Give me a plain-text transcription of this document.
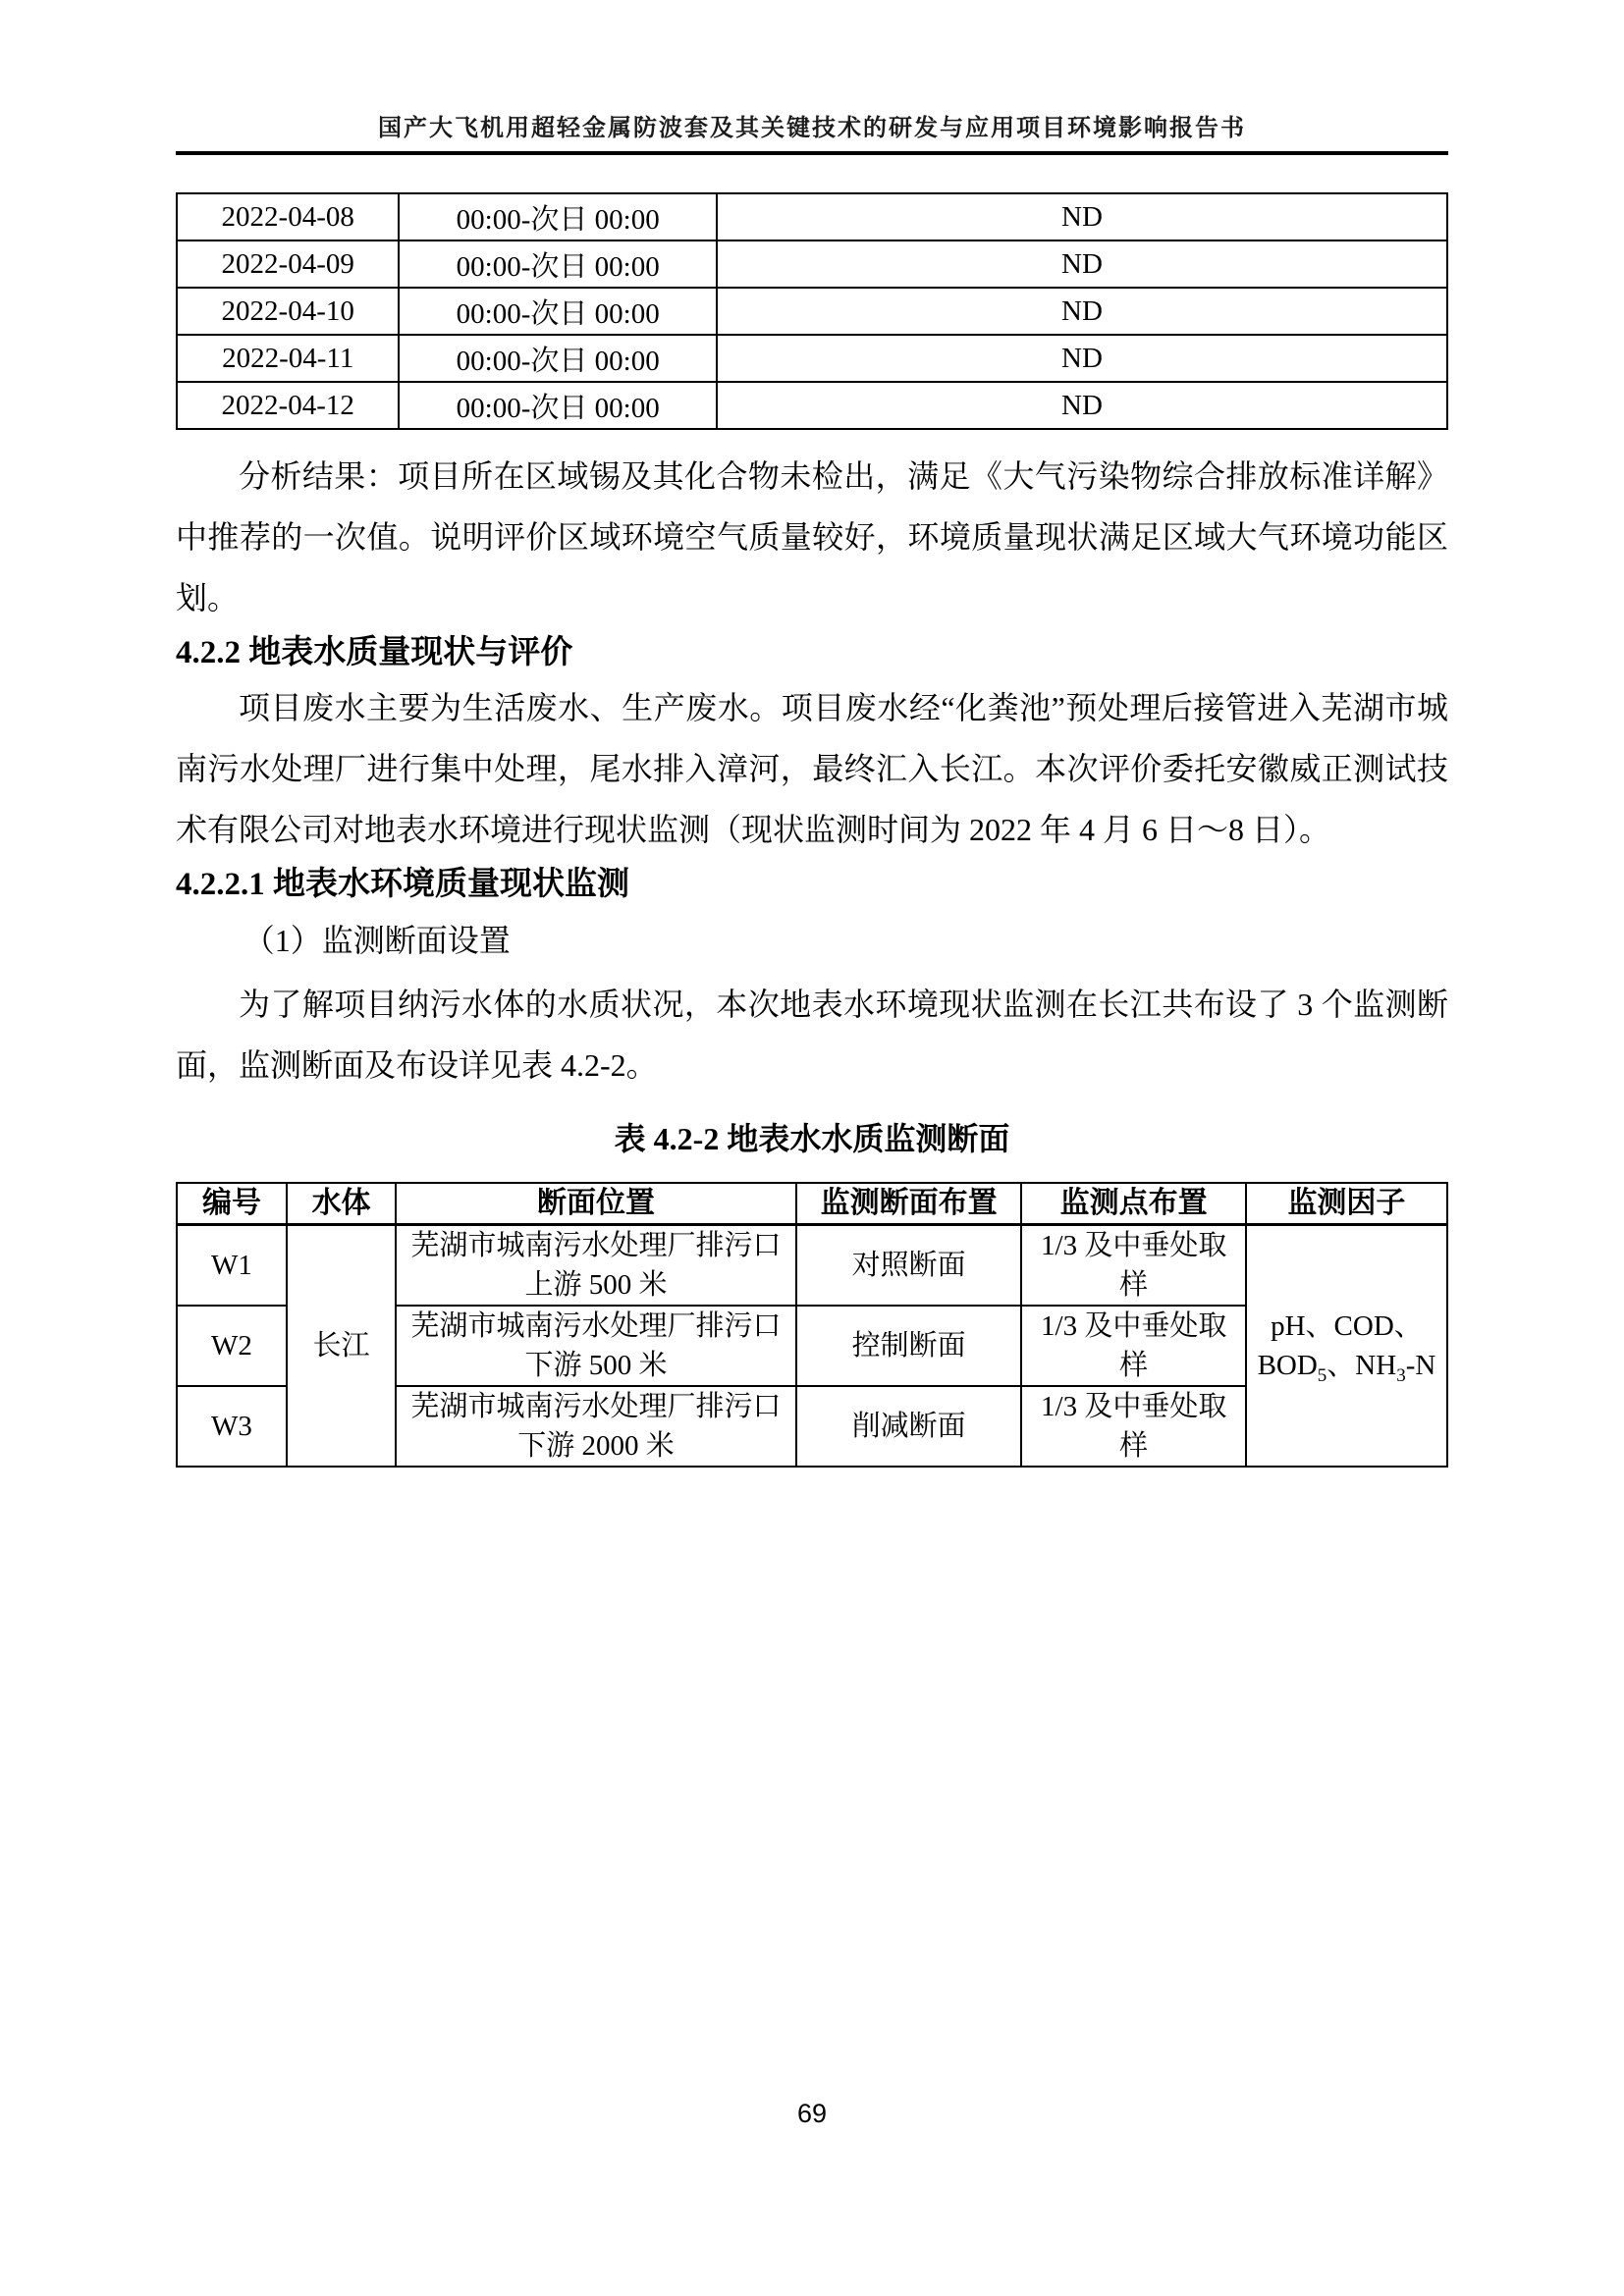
国产大飞机用超轻金属防波套及其关键技术的研发与应用项目环境影响报告书
2022-04-08	00:00-次日 00:00	ND
2022-04-09	00:00-次日 00:00	ND
2022-04-10	00:00-次日 00:00	ND
2022-04-11	00:00-次日 00:00	ND
2022-04-12	00:00-次日 00:00	ND

分析结果：项目所在区域锡及其化合物未检出，满足《大气污染物综合排放标准详解》中推荐的一次值。说明评价区域环境空气质量较好，环境质量现状满足区域大气环境功能区划。

4.2.2 地表水质量现状与评价

项目废水主要为生活废水、生产废水。项目废水经“化粪池”预处理后接管进入芜湖市城南污水处理厂进行集中处理，尾水排入漳河，最终汇入长江。本次评价委托安徽威正测试技术有限公司对地表水环境进行现状监测（现状监测时间为 2022 年 4 月 6 日～8 日）。

4.2.2.1 地表水环境质量现状监测

（1）监测断面设置

为了解项目纳污水体的水质状况，本次地表水环境现状监测在长江共布设了 3 个监测断面，监测断面及布设详见表 4.2-2。

表 4.2-2 地表水水质监测断面
编号	水体	断面位置	监测断面布置	监测点布置	监测因子
W1	长江	芜湖市城南污水处理厂排污口上游 500 米	对照断面	1/3 及中垂处取样	pH、COD、$BOD_5$、$NH_3-N$
W2		芜湖市城南污水处理厂排污口下游 500 米	控制断面	1/3 及中垂处取样	
W3		芜湖市城南污水处理厂排污口下游 2000 米	削减断面	1/3 及中垂处取样	
69
